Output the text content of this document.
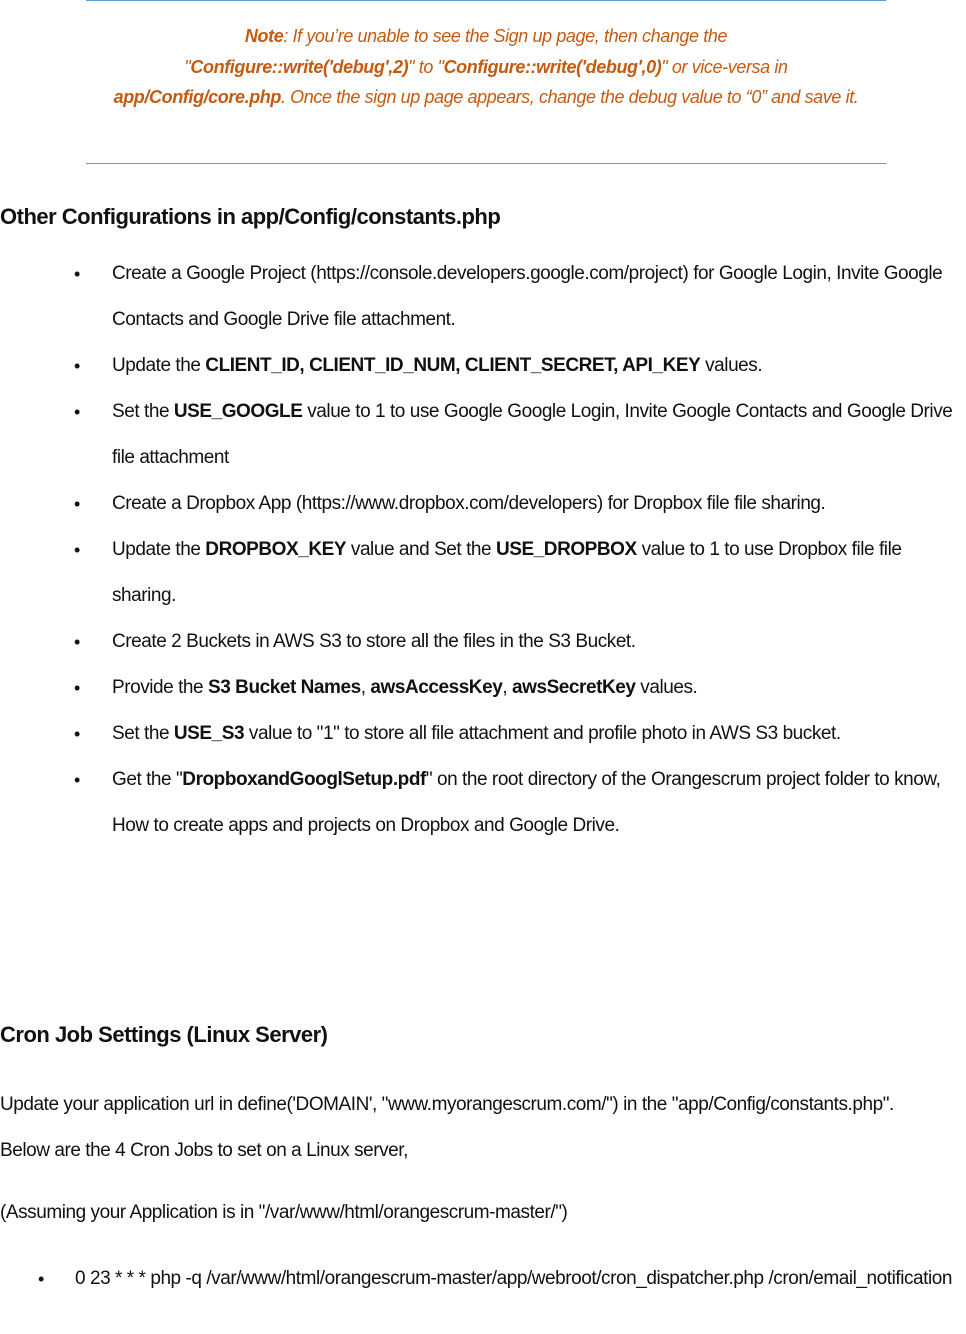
Note: If you’re unable to see the Sign up page, then change the
"Configure::write('debug',2)" to "Configure::write('debug',0)" or vice-versa in
app/Config/core.php. Once the sign up page appears, change the debug value to “0” and save it.
Other Configurations in app/Config/constants.php
• Create a Google Project (https://console.developers.google.com/project) for Google Login, Invite Google Contacts and Google Drive file attachment.
• Update the CLIENT_ID, CLIENT_ID_NUM, CLIENT_SECRET, API_KEY values.
• Set the USE_GOOGLE value to 1 to use Google Google Login, Invite Google Contacts and Google Drive file attachment
• Create a Dropbox App (https://www.dropbox.com/developers) for Dropbox file file sharing.
• Update the DROPBOX_KEY value and Set the USE_DROPBOX value to 1 to use Dropbox file file sharing.
• Create 2 Buckets in AWS S3 to store all the files in the S3 Bucket.
• Provide the S3 Bucket Names, awsAccessKey, awsSecretKey values.
• Set the USE_S3 value to "1" to store all file attachment and profile photo in AWS S3 bucket.
• Get the "DropboxandGooglSetup.pdf" on the root directory of the Orangescrum project folder to know, How to create apps and projects on Dropbox and Google Drive.
Cron Job Settings (Linux Server)

Update your application url in define('DOMAIN', "www.myorangescrum.com/") in the "app/Config/constants.php". Below are the 4 Cron Jobs to set on a Linux server,

(Assuming your Application is in "/var/www/html/orangescrum-master/")

• 0 23 * * * php -q /var/www/html/orangescrum-master/app/webroot/cron_dispatcher.php /cron/email_notification
